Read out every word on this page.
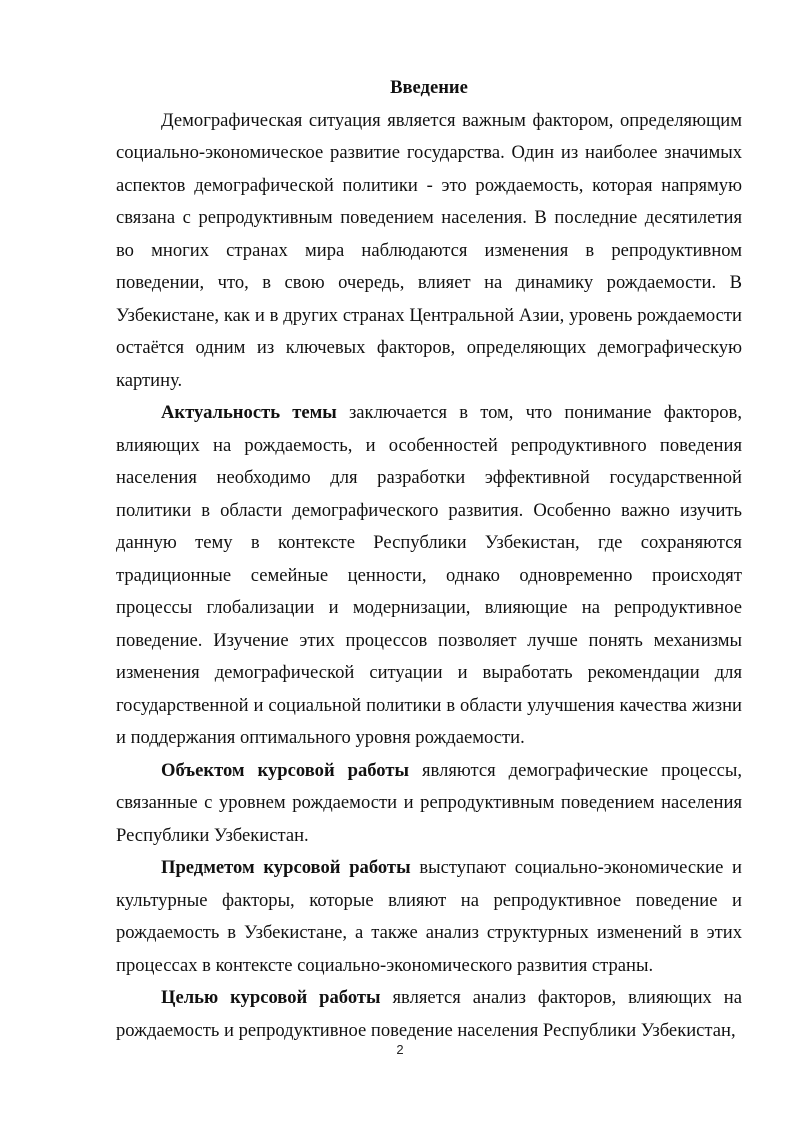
Введение

Демографическая ситуация является важным фактором, определяющим социально-экономическое развитие государства. Один из наиболее значимых аспектов демографической политики - это рождаемость, которая напрямую связана с репродуктивным поведением населения. В последние десятилетия во многих странах мира наблюдаются изменения в репродуктивном поведении, что, в свою очередь, влияет на динамику рождаемости. В Узбекистане, как и в других странах Центральной Азии, уровень рождаемости остаётся одним из ключевых факторов, определяющих демографическую картину.

Актуальность темы заключается в том, что понимание факторов, влияющих на рождаемость, и особенностей репродуктивного поведения населения необходимо для разработки эффективной государственной политики в области демографического развития. Особенно важно изучить данную тему в контексте Республики Узбекистан, где сохраняются традиционные семейные ценности, однако одновременно происходят процессы глобализации и модернизации, влияющие на репродуктивное поведение. Изучение этих процессов позволяет лучше понять механизмы изменения демографической ситуации и выработать рекомендации для государственной и социальной политики в области улучшения качества жизни и поддержания оптимального уровня рождаемости.

Объектом курсовой работы являются демографические процессы, связанные с уровнем рождаемости и репродуктивным поведением населения Республики Узбекистан.

Предметом курсовой работы выступают социально-экономические и культурные факторы, которые влияют на репродуктивное поведение и рождаемость в Узбекистане, а также анализ структурных изменений в этих процессах в контексте социально-экономического развития страны.

Целью курсовой работы является анализ факторов, влияющих на рождаемость и репродуктивное поведение населения Республики Узбекистан,

2
